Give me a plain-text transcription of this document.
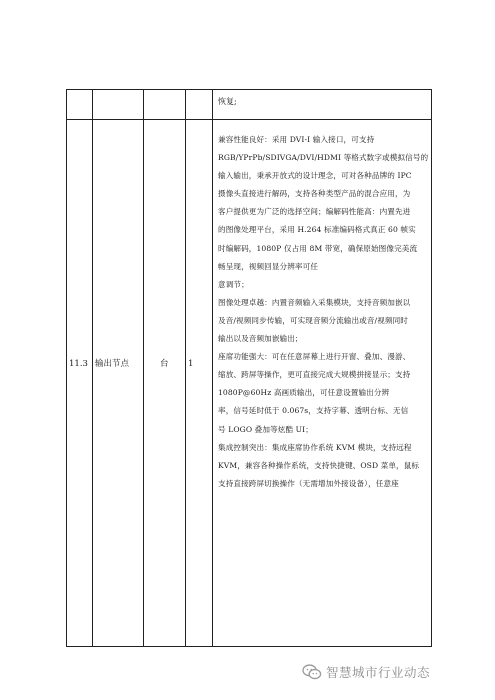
恢复;
11.3 输出节点	台 1
兼容性能良好：采用 DVI-I 输入接口，可支持
RGB/YPrPb/SDIVGA/DVI/HDMI 等格式数字或模拟信号的
输入输出，秉承开放式的设计理念，可对各种品牌的 IPC
摄像头直接进行解码，支持各种类型产品的混合应用，为
客户提供更为广泛的选择空间；编解码性能高：内置先进
的图像处理平台，采用 H.264 标准编码格式真正 60 帧实
时编解码，1080P 仅占用 8M 带宽，确保原始图像完美流
畅呈现，视频回显分辨率可任
意调节；
图像处理卓越：内置音频输入采集模块，支持音频加嵌以
及音/视频同步传输，可实现音频分流输出或音/视频同时
输出以及音频加嵌输出；
座席功能强大：可在任意屏幕上进行开窗、叠加、漫游、
缩放、跨屏等操作，更可直接完成大规模拼接显示；支持
1080P@60Hz 高画质输出，可任意设置输出分辨
率，信号延时低于 0.067s，支持字幕、透明台标、无信
号 LOGO 叠加等炫酷 UI；
集成控制突出：集成座席协作系统 KVM 模块，支持远程
KVM，兼容各种操作系统，支持快捷键、OSD 菜单，鼠标
支持直接跨屏切换操作（无需增加外接设备），任意座
智慧城市行业动态
